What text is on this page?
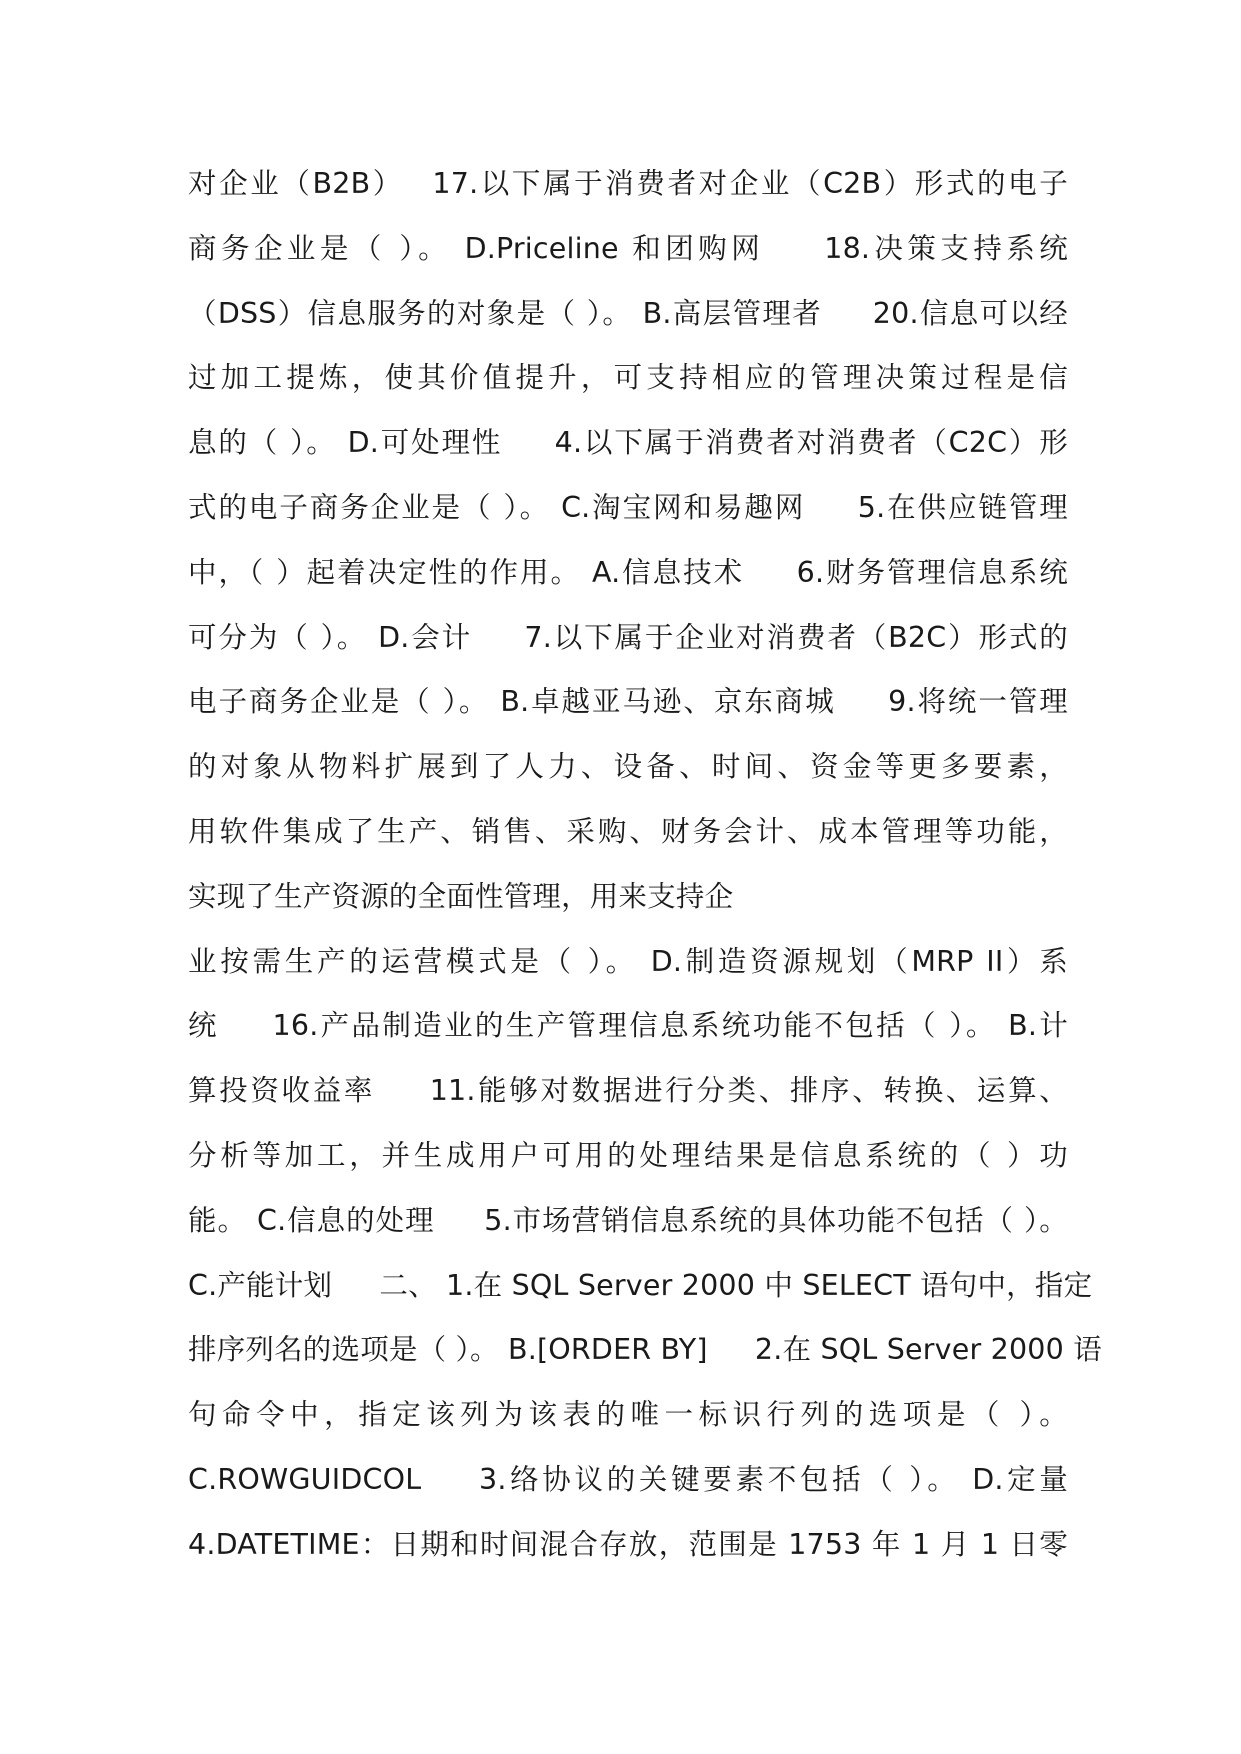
对企业（B2B）　 17.以下属于消费者对企业（C2B）形式的电子
商务企业是（ ）。 D.Priceline 和团购网 　 18.决策支持系统
（DSS）信息服务的对象是（ ）。 B.高层管理者 　 20.信息可以经
过加工提炼，使其价值提升，可支持相应的管理决策过程是信
息的（ ）。 D.可处理性 　 4.以下属于消费者对消费者（C2C）形
式的电子商务企业是（ ）。 C.淘宝网和易趣网 　 5.在供应链管理
中，（ ）起着决定性的作用。 A.信息技术 　 6.财务管理信息系统
可分为（ ）。 D.会计 　 7.以下属于企业对消费者（B2C）形式的
电子商务企业是（ ）。 B.卓越亚马逊、京东商城 　 9.将统一管理
的对象从物料扩展到了人力、设备、时间、资金等更多要素，
用软件集成了生产、销售、采购、财务会计、成本管理等功能，
实现了生产资源的全面性管理，用来支持企
业按需生产的运营模式是（ ）。 D.制造资源规划（MRP II）系
统 　 16.产品制造业的生产管理信息系统功能不包括（ ）。 B.计
算投资收益率 　 11.能够对数据进行分类、排序、转换、运算、
分析等加工，并生成用户可用的处理结果是信息系统的（ ）功
能。 C.信息的处理 　 5.市场营销信息系统的具体功能不包括（ ）。
C.产能计划 　 二、 1.在 SQL Server 2000 中 SELECT 语句中，指定
排序列名的选项是（ ）。 B.[ORDER BY] 　 2.在 SQL Server 2000 语
句命令中，指定该列为该表的唯一标识行列的选项是（ ）。
C.ROWGUIDCOL 　 3.络协议的关键要素不包括（ ）。 D.定量
4.DATETIME：日期和时间混合存放，范围是 1753 年 1 月 1 日零
